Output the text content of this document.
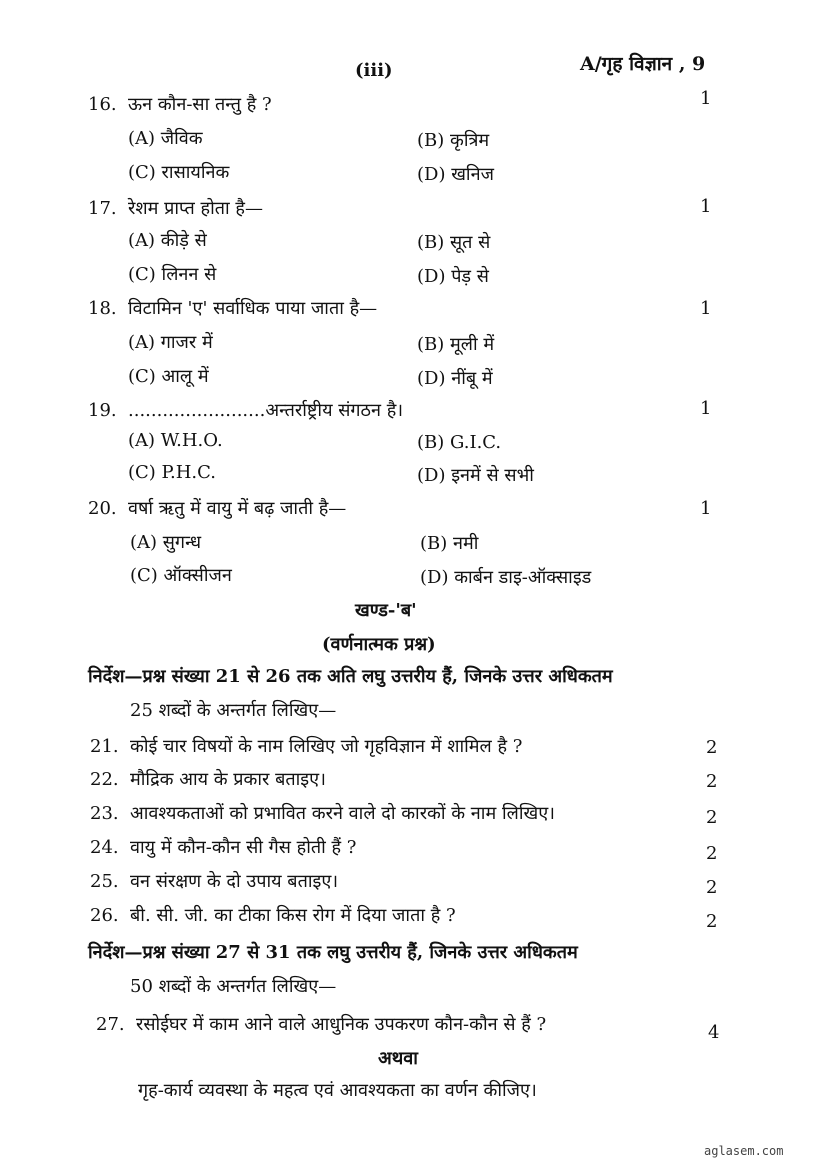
(iii)	A/गृह विज्ञान , 9
16. ऊन कौन-सा तन्तु है ?	1
(A) जैविक	(B) कृत्रिम
(C) रासायनिक	(D) खनिज
17. रेशम प्राप्त होता है—	1
(A) कीड़े से	(B) सूत से
(C) लिनन से	(D) पेड़ से
18. विटामिन 'ए' सर्वाधिक पाया जाता है—	1
(A) गाजर में	(B) मूली में
(C) आलू में	(D) नींबू में
19. ........................अन्तर्राष्ट्रीय संगठन है।	1
(A) W.H.O.	(B) G.I.C.
(C) P.H.C.	(D) इनमें से सभी
20. वर्षा ऋतु में वायु में बढ़ जाती है—	1
(A) सुगन्ध	(B) नमी
(C) ऑक्सीजन	(D) कार्बन डाइ-ऑक्साइड
खण्ड-'ब'
(वर्णनात्मक प्रश्न)
निर्देश—प्रश्न संख्या 21 से 26 तक अति लघु उत्तरीय हैं, जिनके उत्तर अधिकतम
25 शब्दों के अन्तर्गत लिखिए—
21. कोई चार विषयों के नाम लिखिए जो गृहविज्ञान में शामिल है ?	2
22. मौद्रिक आय के प्रकार बताइए।	2
23. आवश्यकताओं को प्रभावित करने वाले दो कारकों के नाम लिखिए।	2
24. वायु में कौन-कौन सी गैस होती हैं ?	2
25. वन संरक्षण के दो उपाय बताइए।	2
26. बी. सी. जी. का टीका किस रोग में दिया जाता है ?	2
निर्देश—प्रश्न संख्या 27 से 31 तक लघु उत्तरीय हैं, जिनके उत्तर अधिकतम
50 शब्दों के अन्तर्गत लिखिए—
27. रसोईघर में काम आने वाले आधुनिक उपकरण कौन-कौन से हैं ?	4
अथवा
गृह-कार्य व्यवस्था के महत्व एवं आवश्यकता का वर्णन कीजिए।
aglasem.com
